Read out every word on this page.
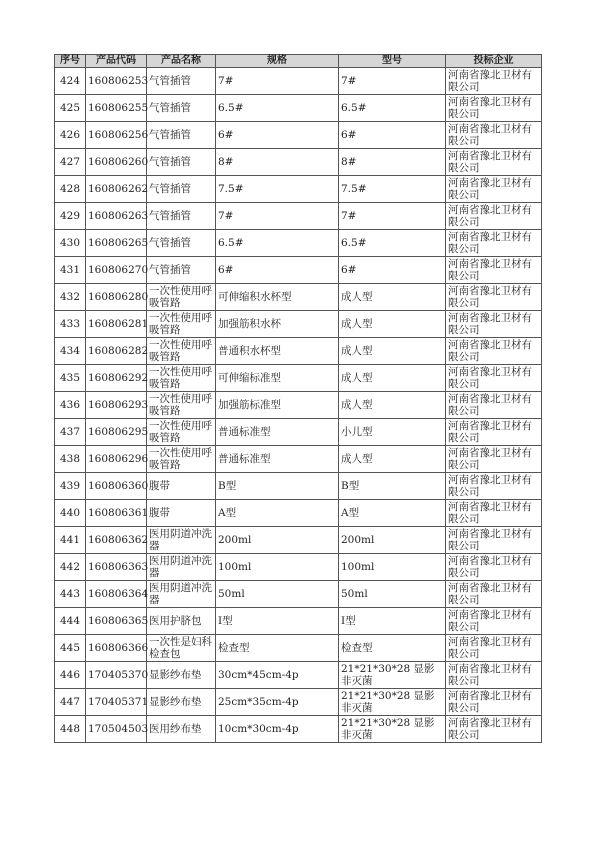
序号	产品代码	产品名称	规格	型号	投标企业
424	160806253	气管插管	7#	7#	河南省豫北卫材有限公司
425	160806255	气管插管	6.5#	6.5#	河南省豫北卫材有限公司
426	160806256	气管插管	6#	6#	河南省豫北卫材有限公司
427	160806260	气管插管	8#	8#	河南省豫北卫材有限公司
428	160806262	气管插管	7.5#	7.5#	河南省豫北卫材有限公司
429	160806263	气管插管	7#	7#	河南省豫北卫材有限公司
430	160806265	气管插管	6.5#	6.5#	河南省豫北卫材有限公司
431	160806270	气管插管	6#	6#	河南省豫北卫材有限公司
432	160806280	一次性使用呼吸管路	可伸缩积水杯型	成人型	河南省豫北卫材有限公司
433	160806281	一次性使用呼吸管路	加强筋积水杯	成人型	河南省豫北卫材有限公司
434	160806282	一次性使用呼吸管路	普通积水杯型	成人型	河南省豫北卫材有限公司
435	160806292	一次性使用呼吸管路	可伸缩标准型	成人型	河南省豫北卫材有限公司
436	160806293	一次性使用呼吸管路	加强筋标准型	成人型	河南省豫北卫材有限公司
437	160806295	一次性使用呼吸管路	普通标准型	小儿型	河南省豫北卫材有限公司
438	160806296	一次性使用呼吸管路	普通标准型	成人型	河南省豫北卫材有限公司
439	160806360	腹带	B型	B型	河南省豫北卫材有限公司
440	160806361	腹带	A型	A型	河南省豫北卫材有限公司
441	160806362	医用阴道冲洗器	200ml	200ml	河南省豫北卫材有限公司
442	160806363	医用阴道冲洗器	100ml	100ml	河南省豫北卫材有限公司
443	160806364	医用阴道冲洗器	50ml	50ml	河南省豫北卫材有限公司
444	160806365	医用护脐包	I型	I型	河南省豫北卫材有限公司
445	160806366	一次性是妇科检查包	检查型	检查型	河南省豫北卫材有限公司
446	170405370	显影纱布垫	30cm*45cm-4p	21*21*30*28 显影非灭菌	河南省豫北卫材有限公司
447	170405371	显影纱布垫	25cm*35cm-4p	21*21*30*28 显影非灭菌	河南省豫北卫材有限公司
448	170504503	医用纱布垫	10cm*30cm-4p	21*21*30*28 显影非灭菌	河南省豫北卫材有限公司
